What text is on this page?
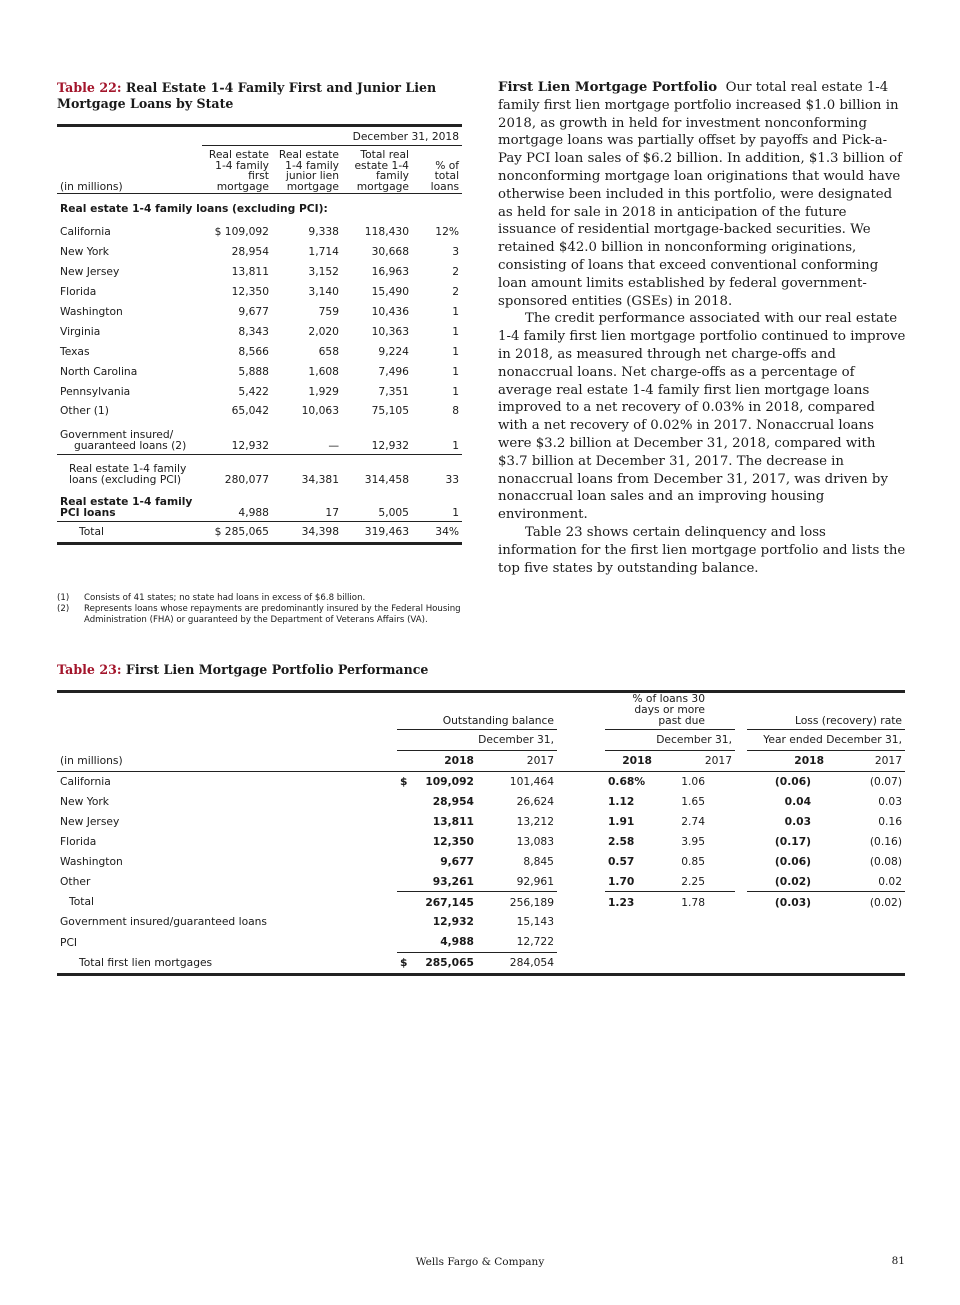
Table 22: Real Estate 1-4 Family First and Junior Lien Mortgage Loans by State
	December 31, 2018			
(in millions)	Real estate 1-4 family first mortgage	Real estate 1-4 family junior lien mortgage	Total real estate 1-4 family mortgage	% of total loans
Real estate 1-4 family loans (excluding PCI):				
California	$ 109,092	9,338	118,430	12%
New York	28,954	1,714	30,668	3
New Jersey	13,811	3,152	16,963	2
Florida	12,350	3,140	15,490	2
Washington	9,677	759	10,436	1
Virginia	8,343	2,020	10,363	1
Texas	8,566	658	9,224	1
North Carolina	5,888	1,608	7,496	1
Pennsylvania	5,422	1,929	7,351	1
Other (1)	65,042	10,063	75,105	8

Government insured/
guaranteed loans (2)	12,932	—	12,932	1

Real estate 1-4 family
loans (excluding PCI)	280,077	34,381	314,458	33

Real estate 1-4 family
PCI loans	4,988	17	5,005	1
Total	$ 285,065	34,398	319,463	34%
(1)	Consists of 41 states; no state had loans in excess of $6.8 billion.
(2)	Represents loans whose repayments are predominantly insured by the Federal Housing Administration (FHA) or guaranteed by the Department of Veterans Affairs (VA).

First Lien Mortgage Portfolio Our total real estate 1-4 family first lien mortgage portfolio increased $1.0 billion in 2018, as growth in held for investment nonconforming mortgage loans was partially offset by payoffs and Pick-a-Pay PCI loan sales of $6.2 billion. In addition, $1.3 billion of nonconforming mortgage loan originations that would have otherwise been included in this portfolio, were designated as held for sale in 2018 in anticipation of the future issuance of residential mortgage-backed securities. We retained $42.0 billion in nonconforming originations, consisting of loans that exceed conventional conforming loan amount limits established by federal government-sponsored entities (GSEs) in 2018.

The credit performance associated with our real estate 1-4 family first lien mortgage portfolio continued to improve in 2018, as measured through net charge-offs and nonaccrual loans. Net charge-offs as a percentage of average real estate 1-4 family first lien mortgage loans improved to a net recovery of 0.03% in 2018, compared with a net recovery of 0.02% in 2017. Nonaccrual loans were $3.2 billion at December 31, 2018, compared with $3.7 billion at December 31, 2017. The decrease in nonaccrual loans from December 31, 2017, was driven by nonaccrual loan sales and an improving housing environment.

Table 23 shows certain delinquency and loss information for the first lien mortgage portfolio and lists the top five states by outstanding balance.

Table 23: First Lien Mortgage Portfolio Performance
	Outstanding balance			% of loans 30 days or more past due			Loss (recovery) rate	
	December 31,			December 31,			Year ended December 31,	
(in millions)	2018	2017		2018	2017		2018	2017
California	$ 109,092	101,464		0.68%	1.06		(0.06)	(0.07)
New York	28,954	26,624		1.12	1.65		0.04	0.03
New Jersey	13,811	13,212		1.91	2.74		0.03	0.16
Florida	12,350	13,083		2.58	3.95		(0.17)	(0.16)
Washington	9,677	8,845		0.57	0.85		(0.06)	(0.08)
Other	93,261	92,961		1.70	2.25		(0.02)	0.02
Total	267,145	256,189		1.23	1.78		(0.03)	(0.02)
Government insured/guaranteed loans	12,932	15,143						
PCI	4,988	12,722						
Total first lien mortgages	$ 285,065	284,054						
Wells Fargo & Company	81
